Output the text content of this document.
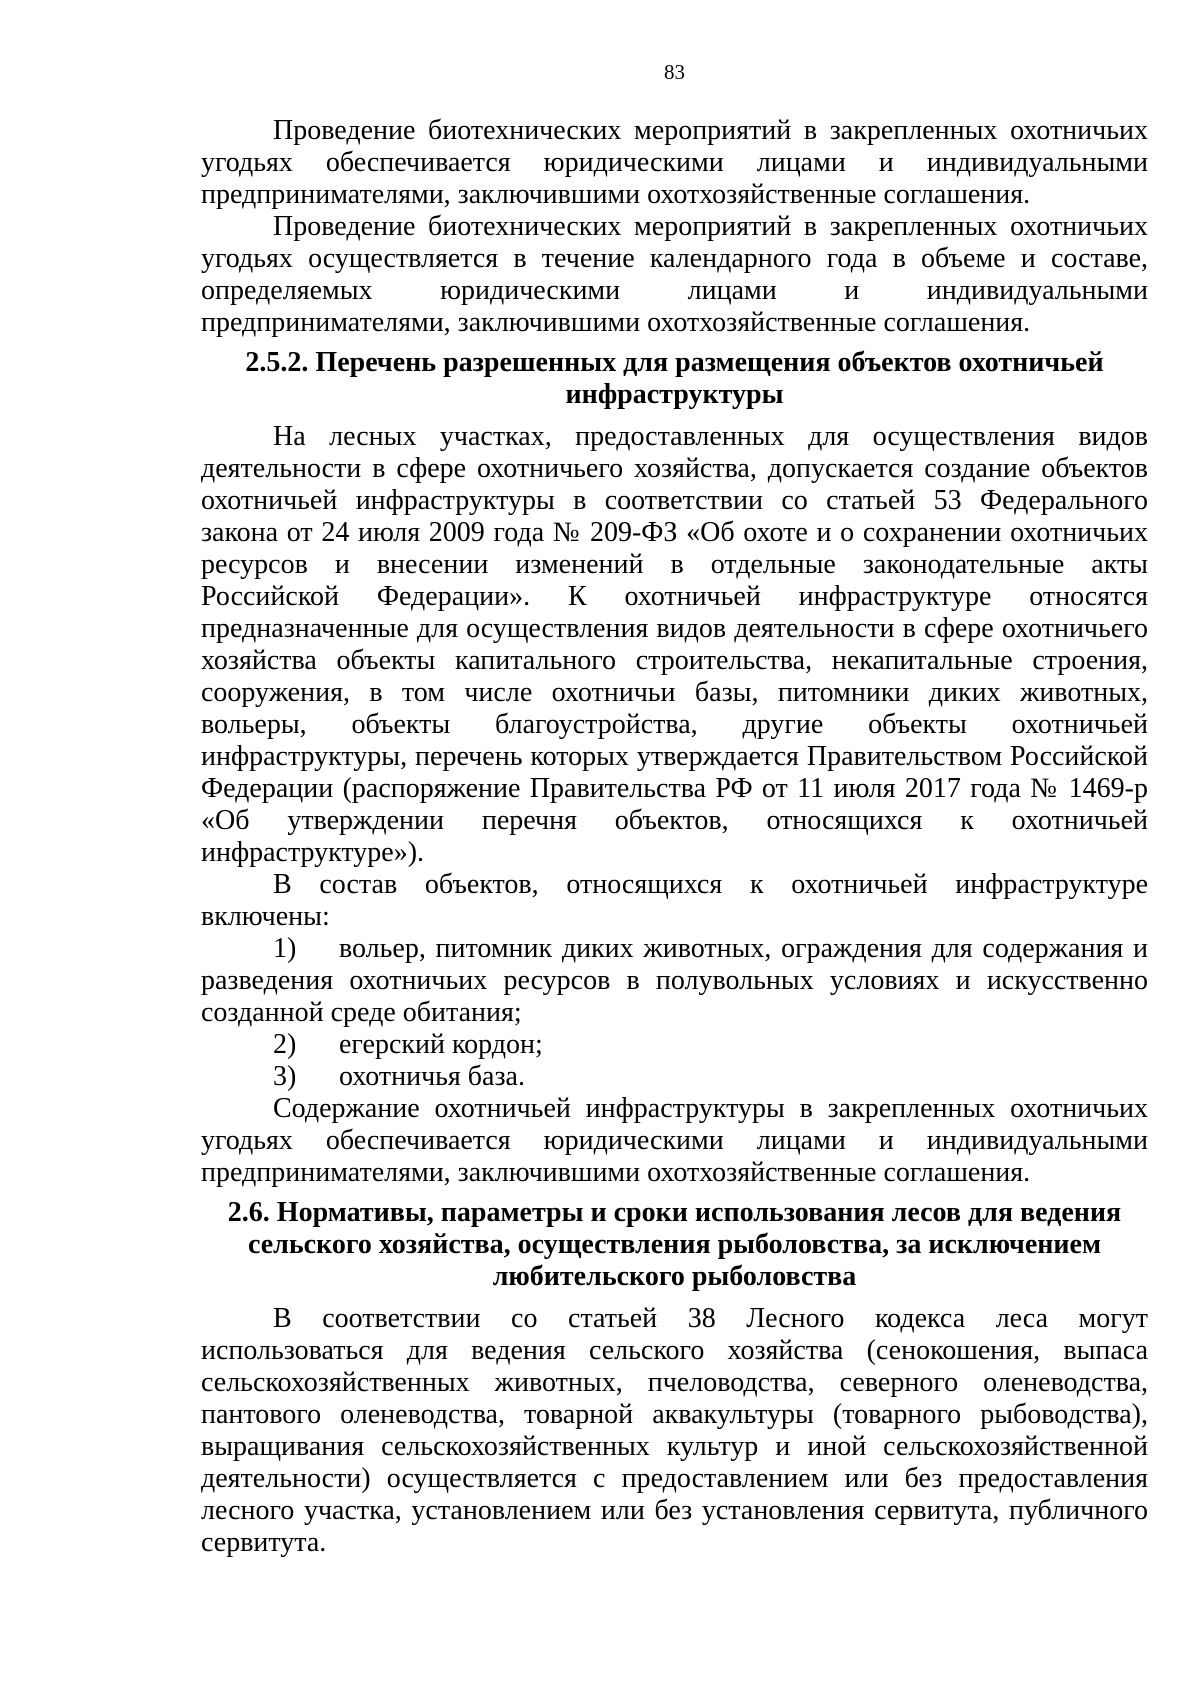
83

Проведение биотехнических мероприятий в закрепленных охотничьих угодьях обеспечивается юридическими лицами и индивидуальными предпринимателями, заключившими охотхозяйственные соглашения.

Проведение биотехнических мероприятий в закрепленных охотничьих угодьях осуществляется в течение календарного года в объеме и составе, определяемых юридическими лицами и индивидуальными предпринимателями, заключившими охотхозяйственные соглашения.

2.5.2. Перечень разрешенных для размещения объектов охотничьей инфраструктуры

На лесных участках, предоставленных для осуществления видов деятельности в сфере охотничьего хозяйства, допускается создание объектов охотничьей инфраструктуры в соответствии со статьей 53 Федерального закона от 24 июля 2009 года № 209-ФЗ «Об охоте и о сохранении охотничьих ресурсов и внесении изменений в отдельные законодательные акты Российской Федерации». К охотничьей инфраструктуре относятся предназначенные для осуществления видов деятельности в сфере охотничьего хозяйства объекты капитального строительства, некапитальные строения, сооружения, в том числе охотничьи базы, питомники диких животных, вольеры, объекты благоустройства, другие объекты охотничьей инфраструктуры, перечень которых утверждается Правительством Российской Федерации (распоряжение Правительства РФ от 11 июля 2017 года № 1469-р «Об утверждении перечня объектов, относящихся к охотничьей инфраструктуре»).

В состав объектов, относящихся к охотничьей инфраструктуре включены:

1) вольер, питомник диких животных, ограждения для содержания и разведения охотничьих ресурсов в полувольных условиях и искусственно созданной среде обитания;
2) егерский кордон;
3) охотничья база.

Содержание охотничьей инфраструктуры в закрепленных охотничьих угодьях обеспечивается юридическими лицами и индивидуальными предпринимателями, заключившими охотхозяйственные соглашения.

2.6. Нормативы, параметры и сроки использования лесов для ведения сельского хозяйства, осуществления рыболовства, за исключением любительского рыболовства

В соответствии со статьей 38 Лесного кодекса леса могут использоваться для ведения сельского хозяйства (сенокошения, выпаса сельскохозяйственных животных, пчеловодства, северного оленеводства, пантового оленеводства, товарной аквакультуры (товарного рыбоводства), выращивания сельскохозяйственных культур и иной сельскохозяйственной деятельности) осуществляется с предоставлением или без предоставления лесного участка, установлением или без установления сервитута, публичного сервитута.
